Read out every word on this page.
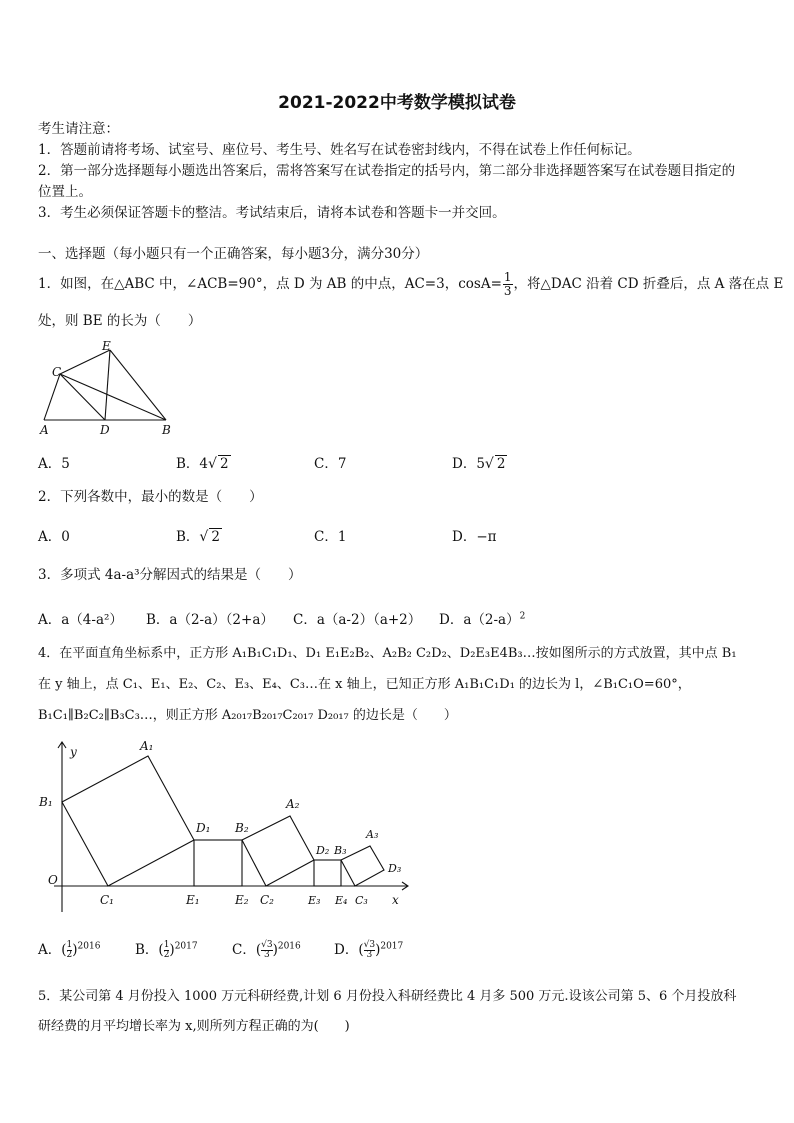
2021-2022中考数学模拟试卷
考生请注意：
1．答题前请将考场、试室号、座位号、考生号、姓名写在试卷密封线内，不得在试卷上作任何标记。
2．第一部分选择题每小题选出答案后，需将答案写在试卷指定的括号内，第二部分非选择题答案写在试卷题目指定的
位置上。
3．考生必须保证答题卡的整洁。考试结束后，请将本试卷和答题卡一并交回。
一、选择题（每小题只有一个正确答案，每小题3分，满分30分）
1．如图，在△ABC 中，∠ACB=90°，点 D 为 AB 的中点，AC=3，$\cos A= \frac{1}{3}$ ，将△DAC 沿着 CD 折叠后，点 A 落在点 E
处，则 BE 的长为（　　）
A	D	B
C
E
A．5	B．4√ 2	C．7	D．5√ 2
2．下列各数中，最小的数是（　　）
A．0	B．√ 2	C．1	D．−π
3．多项式 4a-a³分解因式的结果是（　　）
A．a（4-a²） B．a（2-a）（2+a） C．a（a-2）（a+2） D．$a(2-a)^2$
4．在平面直角坐标系中，正方形 A₁B₁C₁D₁、D₁ E₁E₂B₂、A₂B₂ C₂D₂、D₂E₃E4B₃…按如图所示的方式放置，其中点 B₁
在 y 轴上，点 C₁、E₁、E₂、C₂、E₃、E₄、C₃…在 x 轴上，已知正方形 A₁B₁C₁D₁ 的边长为 l，∠B₁C₁O=60°，
B₁C₁∥B₂C₂∥B₃C₃…，则正方形 A₂₀₁₇B₂₀₁₇C₂₀₁₇ D₂₀₁₇ 的边长是（　　）
y
O
B₁
A₁
C₁
D₁
E₁
B₂
E₂ C₂
A₂
D₂ B₃
E₃ E₄ C₃
A₃
D₃
x
A．( $\frac{1}{2} )^{2016}$	B．( $\frac{1}{2} )^{2017}$	C．( $\frac{√3}{3} )^{2016}$ D．( $\frac{√3}{3} )^{2017}$
5．某公司第 4 月份投入 1000 万元科研经费,计划 6 月份投入科研经费比 4 月多 500 万元.设该公司第 5、6 个月投放科
研经费的月平均增长率为 x,则所列方程正确的为(　　)
